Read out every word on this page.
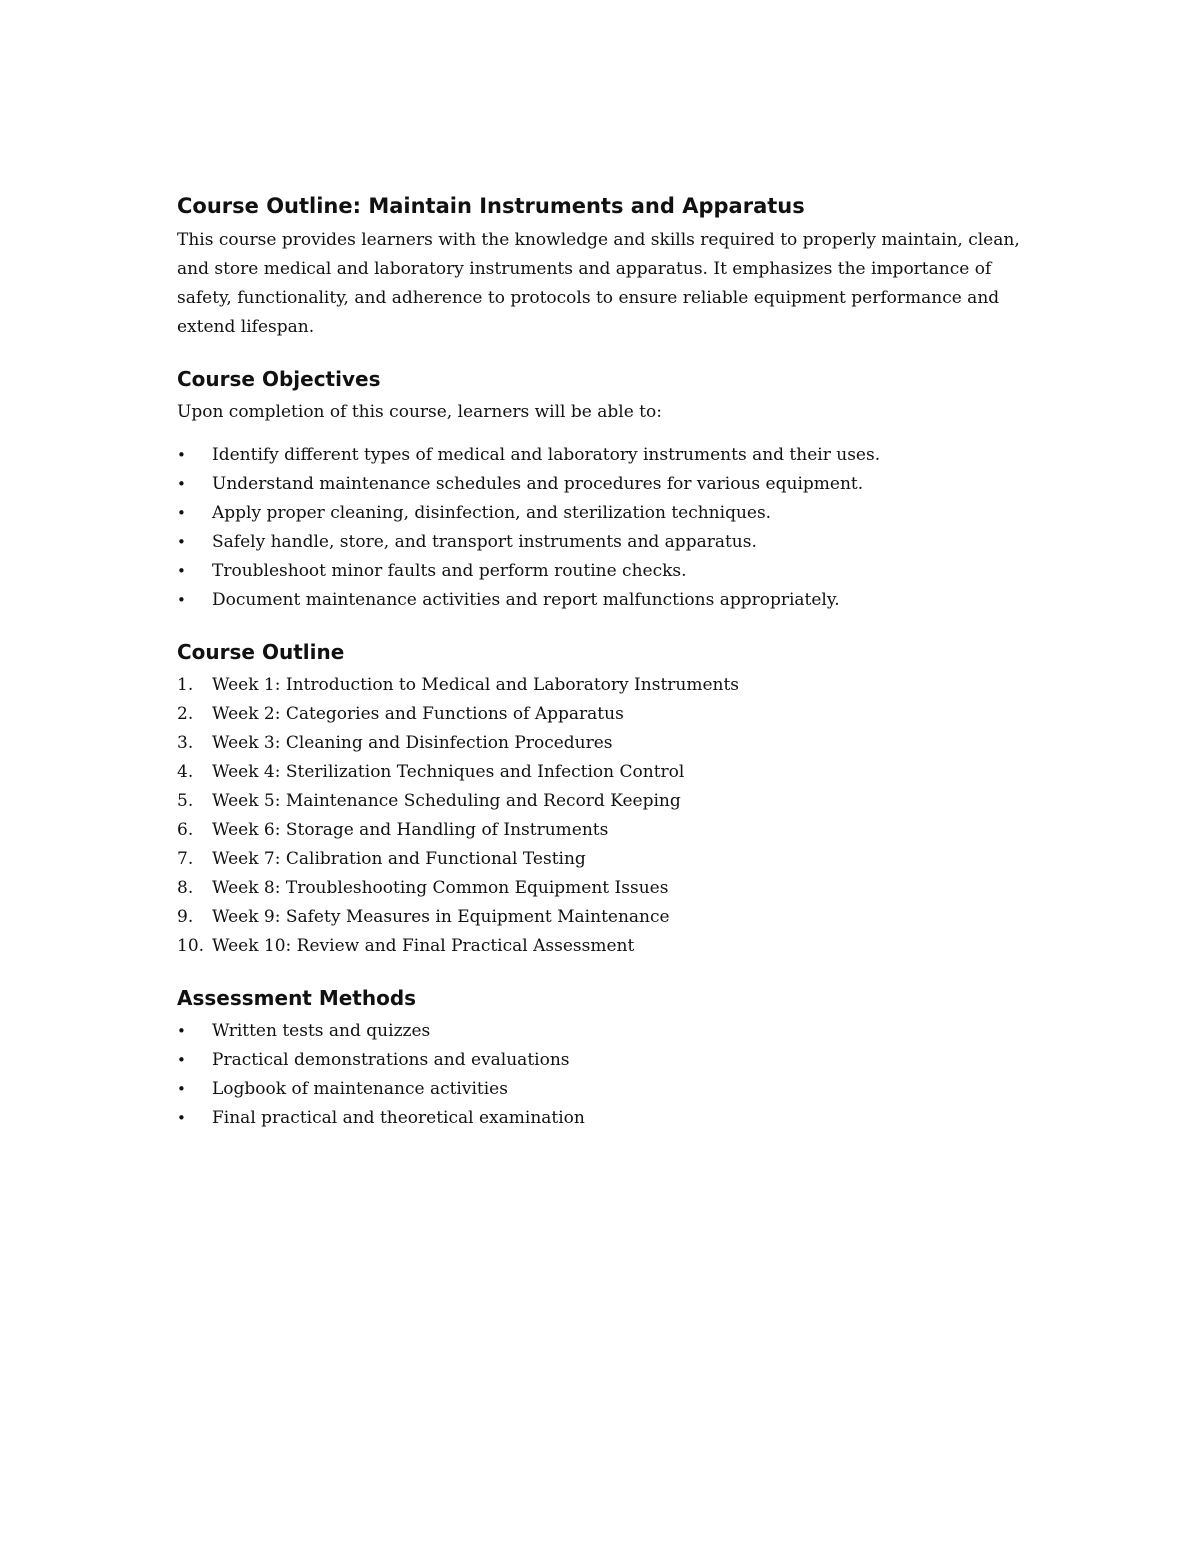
Course Outline: Maintain Instruments and Apparatus

This course provides learners with the knowledge and skills required to properly maintain, clean, and store medical and laboratory instruments and apparatus. It emphasizes the importance of safety, functionality, and adherence to protocols to ensure reliable equipment performance and extend lifespan.

Course Objectives

Upon completion of this course, learners will be able to:

•	Identify different types of medical and laboratory instruments and their uses.
•	Understand maintenance schedules and procedures for various equipment.
•	Apply proper cleaning, disinfection, and sterilization techniques.
•	Safely handle, store, and transport instruments and apparatus.
•	Troubleshoot minor faults and perform routine checks.
•	Document maintenance activities and report malfunctions appropriately.
Course Outline
1.	Week 1: Introduction to Medical and Laboratory Instruments
2.	Week 2: Categories and Functions of Apparatus
3.	Week 3: Cleaning and Disinfection Procedures
4.	Week 4: Sterilization Techniques and Infection Control
5.	Week 5: Maintenance Scheduling and Record Keeping
6.	Week 6: Storage and Handling of Instruments
7.	Week 7: Calibration and Functional Testing
8.	Week 8: Troubleshooting Common Equipment Issues
9.	Week 9: Safety Measures in Equipment Maintenance
10. Week 10: Review and Final Practical Assessment
Assessment Methods
•	Written tests and quizzes
•	Practical demonstrations and evaluations
•	Logbook of maintenance activities
•	Final practical and theoretical examination
